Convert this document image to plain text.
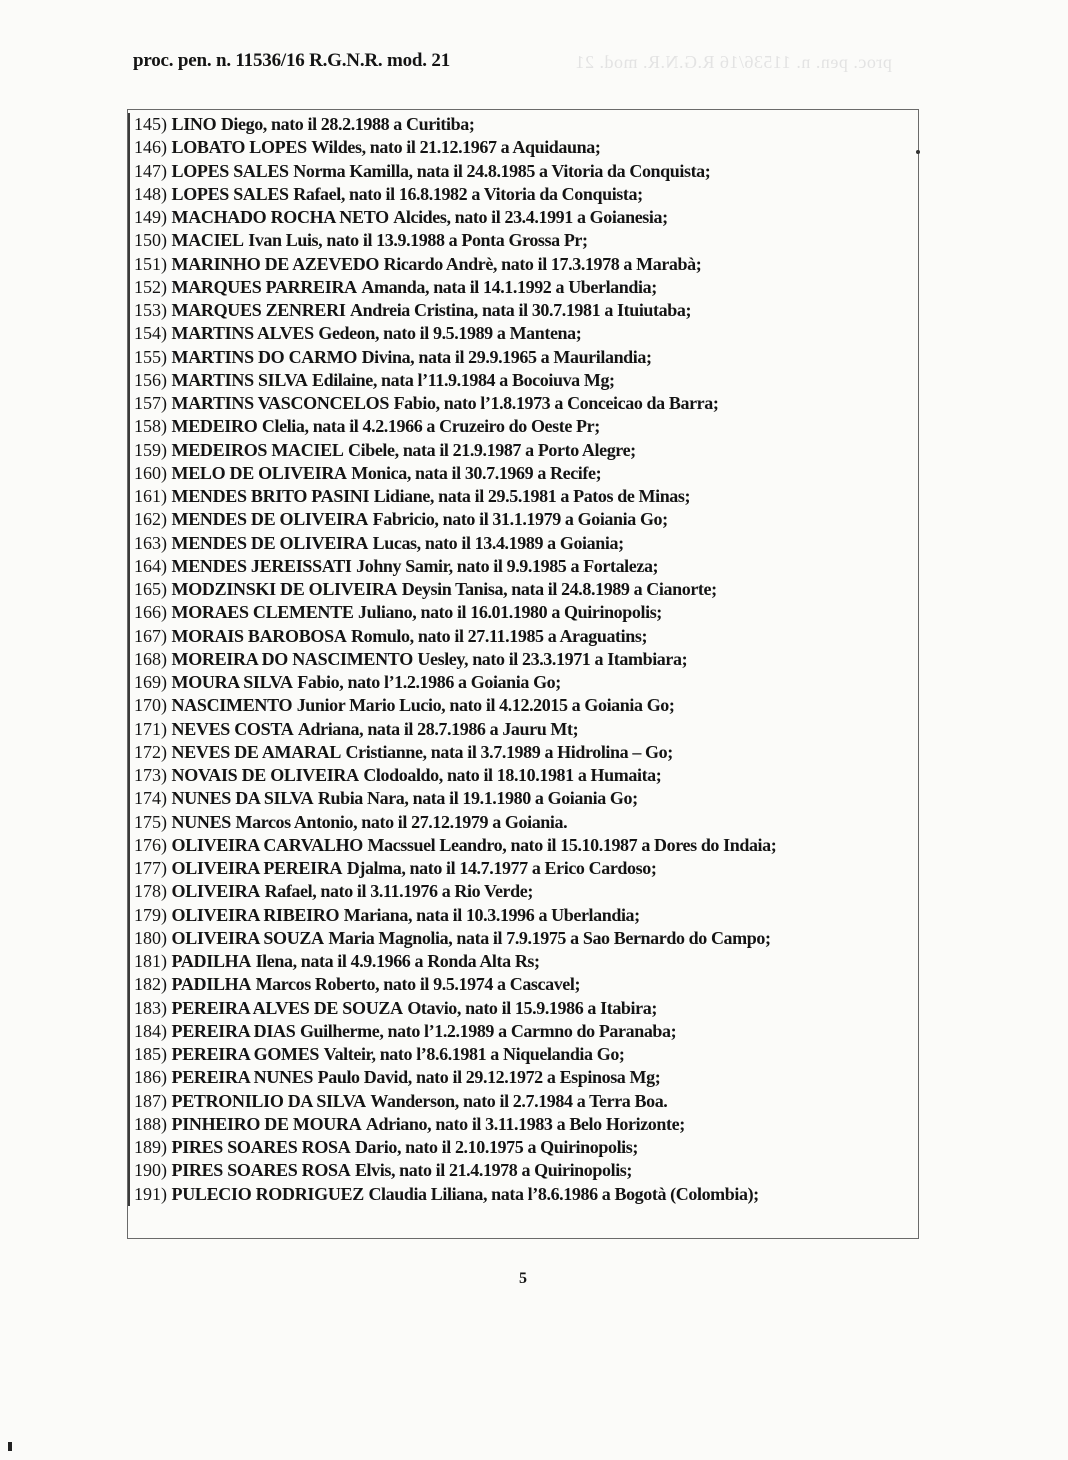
proc. pen. n. 11536/16 R.G.N.R. mod. 21	proc. pen. n. 11536/16 R.G.N.R. mod. 21
145) LINO Diego, nato il 28.2.1988 a Curitiba;
146) LOBATO LOPES Wildes, nato il 21.12.1967 a Aquidauna;
147) LOPES SALES Norma Kamilla, nata il 24.8.1985 a Vitoria da Conquista;
148) LOPES SALES Rafael, nato il 16.8.1982 a Vitoria da Conquista;
149) MACHADO ROCHA NETO Alcides, nato il 23.4.1991 a Goianesia;
150) MACIEL Ivan Luis, nato il 13.9.1988 a Ponta Grossa Pr;
151) MARINHO DE AZEVEDO Ricardo Andrè, nato il 17.3.1978 a Marabà;
152) MARQUES PARREIRA Amanda, nata il 14.1.1992 a Uberlandia;
153) MARQUES ZENRERI Andreia Cristina, nata il 30.7.1981 a Ituiutaba;
154) MARTINS ALVES Gedeon, nato il 9.5.1989 a Mantena;
155) MARTINS DO CARMO Divina, nata il 29.9.1965 a Maurilandia;
156) MARTINS SILVA Edilaine, nata l’11.9.1984 a Bocoiuva Mg;
157) MARTINS VASCONCELOS Fabio, nato l’1.8.1973 a Conceicao da Barra;
158) MEDEIRO Clelia, nata il 4.2.1966 a Cruzeiro do Oeste Pr;
159) MEDEIROS MACIEL Cibele, nata il 21.9.1987 a Porto Alegre;
160) MELO DE OLIVEIRA Monica, nata il 30.7.1969 a Recife;
161) MENDES BRITO PASINI Lidiane, nata il 29.5.1981 a Patos de Minas;
162) MENDES DE OLIVEIRA Fabricio, nato il 31.1.1979 a Goiania Go;
163) MENDES DE OLIVEIRA Lucas, nato il 13.4.1989 a Goiania;
164) MENDES JEREISSATI Johny Samir, nato il 9.9.1985 a Fortaleza;
165) MODZINSKI DE OLIVEIRA Deysin Tanisa, nata il 24.8.1989 a Cianorte;
166) MORAES CLEMENTE Juliano, nato il 16.01.1980 a Quirinopolis;
167) MORAIS BAROBOSA Romulo, nato il 27.11.1985 a Araguatins;
168) MOREIRA DO NASCIMENTO Uesley, nato il 23.3.1971 a Itambiara;
169) MOURA SILVA Fabio, nato l’1.2.1986 a Goiania Go;
170) NASCIMENTO Junior Mario Lucio, nato il 4.12.2015 a Goiania Go;
171) NEVES COSTA Adriana, nata il 28.7.1986 a Jauru Mt;
172) NEVES DE AMARAL Cristianne, nata il 3.7.1989 a Hidrolina – Go;
173) NOVAIS DE OLIVEIRA Clodoaldo, nato il 18.10.1981 a Humaita;
174) NUNES DA SILVA Rubia Nara, nata il 19.1.1980 a Goiania Go;
175) NUNES Marcos Antonio, nato il 27.12.1979 a Goiania.
176) OLIVEIRA CARVALHO Macssuel Leandro, nato il 15.10.1987 a Dores do Indaia;
177) OLIVEIRA PEREIRA Djalma, nato il 14.7.1977 a Erico Cardoso;
178) OLIVEIRA Rafael, nato il 3.11.1976 a Rio Verde;
179) OLIVEIRA RIBEIRO Mariana, nata il 10.3.1996 a Uberlandia;
180) OLIVEIRA SOUZA Maria Magnolia, nata il 7.9.1975 a Sao Bernardo do Campo;
181) PADILHA Ilena, nata il 4.9.1966 a Ronda Alta Rs;
182) PADILHA Marcos Roberto, nato il 9.5.1974 a Cascavel;
183) PEREIRA ALVES DE SOUZA Otavio, nato il 15.9.1986 a Itabira;
184) PEREIRA DIAS Guilherme, nato l’1.2.1989 a Carmno do Paranaba;
185) PEREIRA GOMES Valteir, nato l’8.6.1981 a Niquelandia Go;
186) PEREIRA NUNES Paulo David, nato il 29.12.1972 a Espinosa Mg;
187) PETRONILIO DA SILVA Wanderson, nato il 2.7.1984 a Terra Boa.
188) PINHEIRO DE MOURA Adriano, nato il 3.11.1983 a Belo Horizonte;
189) PIRES SOARES ROSA Dario, nato il 2.10.1975 a Quirinopolis;
190) PIRES SOARES ROSA Elvis, nato il 21.4.1978 a Quirinopolis;
191) PULECIO RODRIGUEZ Claudia Liliana, nata l’8.6.1986 a Bogotà (Colombia);
5
